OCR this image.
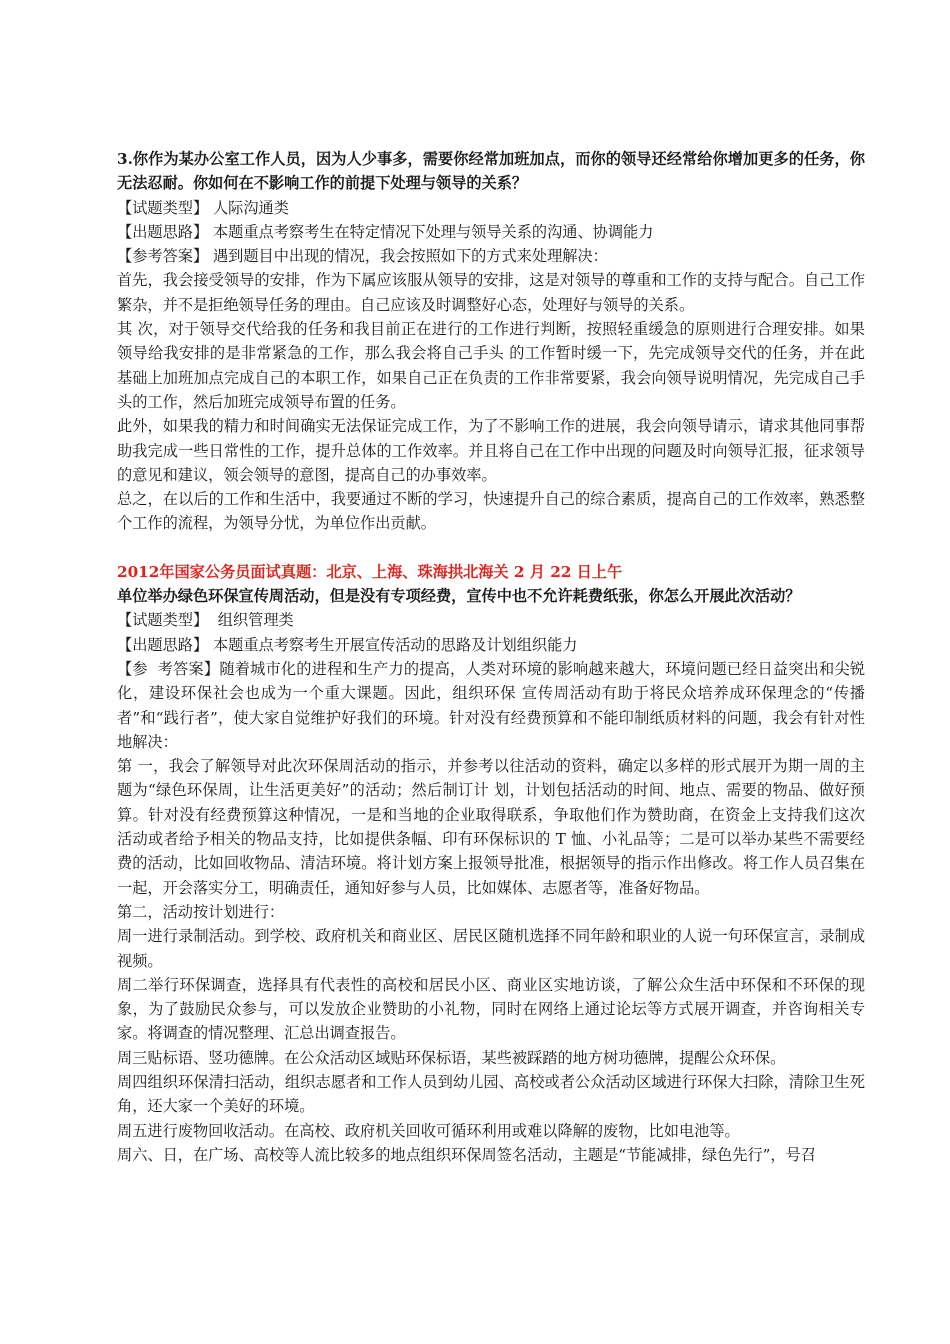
3.你作为某办公室工作人员，因为人少事多，需要你经常加班加点，而你的领导还经常给你增加更多的任务，你无法忍耐。你如何在不影响工作的前提下处理与领导的关系？

【试题类型】 人际沟通类

【出题思路】 本题重点考察考生在特定情况下处理与领导关系的沟通、协调能力

【参考答案】 遇到题目中出现的情况，我会按照如下的方式来处理解决：

首先，我会接受领导的安排，作为下属应该服从领导的安排，这是对领导的尊重和工作的支持与配合。自己工作繁杂，并不是拒绝领导任务的理由。自己应该及时调整好心态，处理好与领导的关系。

其 次，对于领导交代给我的任务和我目前正在进行的工作进行判断，按照轻重缓急的原则进行合理安排。如果领导给我安排的是非常紧急的工作，那么我会将自己手头 的工作暂时缓一下，先完成领导交代的任务，并在此基础上加班加点完成自己的本职工作，如果自己正在负责的工作非常要紧，我会向领导说明情况，先完成自己手 头的工作，然后加班完成领导布置的任务。

此外，如果我的精力和时间确实无法保证完成工作，为了不影响工作的进展，我会向领导请示，请求其他同事帮助我完成一些日常性的工作，提升总体的工作效率。并且将自己在工作中出现的问题及时向领导汇报，征求领导的意见和建议，领会领导的意图，提高自己的办事效率。

总之，在以后的工作和生活中，我要通过不断的学习，快速提升自己的综合素质，提高自己的工作效率，熟悉整个工作的流程，为领导分忧，为单位作出贡献。

2012年国家公务员面试真题：北京、上海、珠海拱北海关 2 月 22 日上午

单位举办绿色环保宣传周活动，但是没有专项经费，宣传中也不允许耗费纸张，你怎么开展此次活动？

【试题类型】  组织管理类

【出题思路】 本题重点考察考生开展宣传活动的思路及计划组织能力

【参  考答案】随着城市化的进程和生产力的提高，人类对环境的影响越来越大，环境问题已经日益突出和尖锐化，建设环保社会也成为一个重大课题。因此，组织环保 宣传周活动有助于将民众培养成环保理念的“传播者”和“践行者”，使大家自觉维护好我们的环境。针对没有经费预算和不能印制纸质材料的问题，我会有针对性 地解决：

第 一，我会了解领导对此次环保周活动的指示，并参考以往活动的资料，确定以多样的形式展开为期一周的主题为“绿色环保周，让生活更美好”的活动；然后制订计 划，计划包括活动的时间、地点、需要的物品、做好预算。针对没有经费预算这种情况，一是和当地的企业取得联系，争取他们作为赞助商，在资金上支持我们这次 活动或者给予相关的物品支持，比如提供条幅、印有环保标识的 T 恤、小礼品等；二是可以举办某些不需要经费的活动，比如回收物品、清洁环境。将计划方案上报领导批准，根据领导的指示作出修改。将工作人员召集在一起，开会落实分工，明确责任，通知好参与人员，比如媒体、志愿者等，准备好物品。

第二，活动按计划进行：

周一进行录制活动。到学校、政府机关和商业区、居民区随机选择不同年龄和职业的人说一句环保宣言，录制成视频。

周二举行环保调查，选择具有代表性的高校和居民小区、商业区实地访谈，了解公众生活中环保和不环保的现象，为了鼓励民众参与，可以发放企业赞助的小礼物，同时在网络上通过论坛等方式展开调查，并咨询相关专家。将调查的情况整理、汇总出调查报告。

周三贴标语、竖功德牌。在公众活动区域贴环保标语，某些被踩踏的地方树功德牌，提醒公众环保。

周四组织环保清扫活动，组织志愿者和工作人员到幼儿园、高校或者公众活动区域进行环保大扫除，清除卫生死角，还大家一个美好的环境。

周五进行废物回收活动。在高校、政府机关回收可循环利用或难以降解的废物，比如电池等。

周六、日，在广场、高校等人流比较多的地点组织环保周签名活动，主题是“节能减排，绿色先行”，号召
